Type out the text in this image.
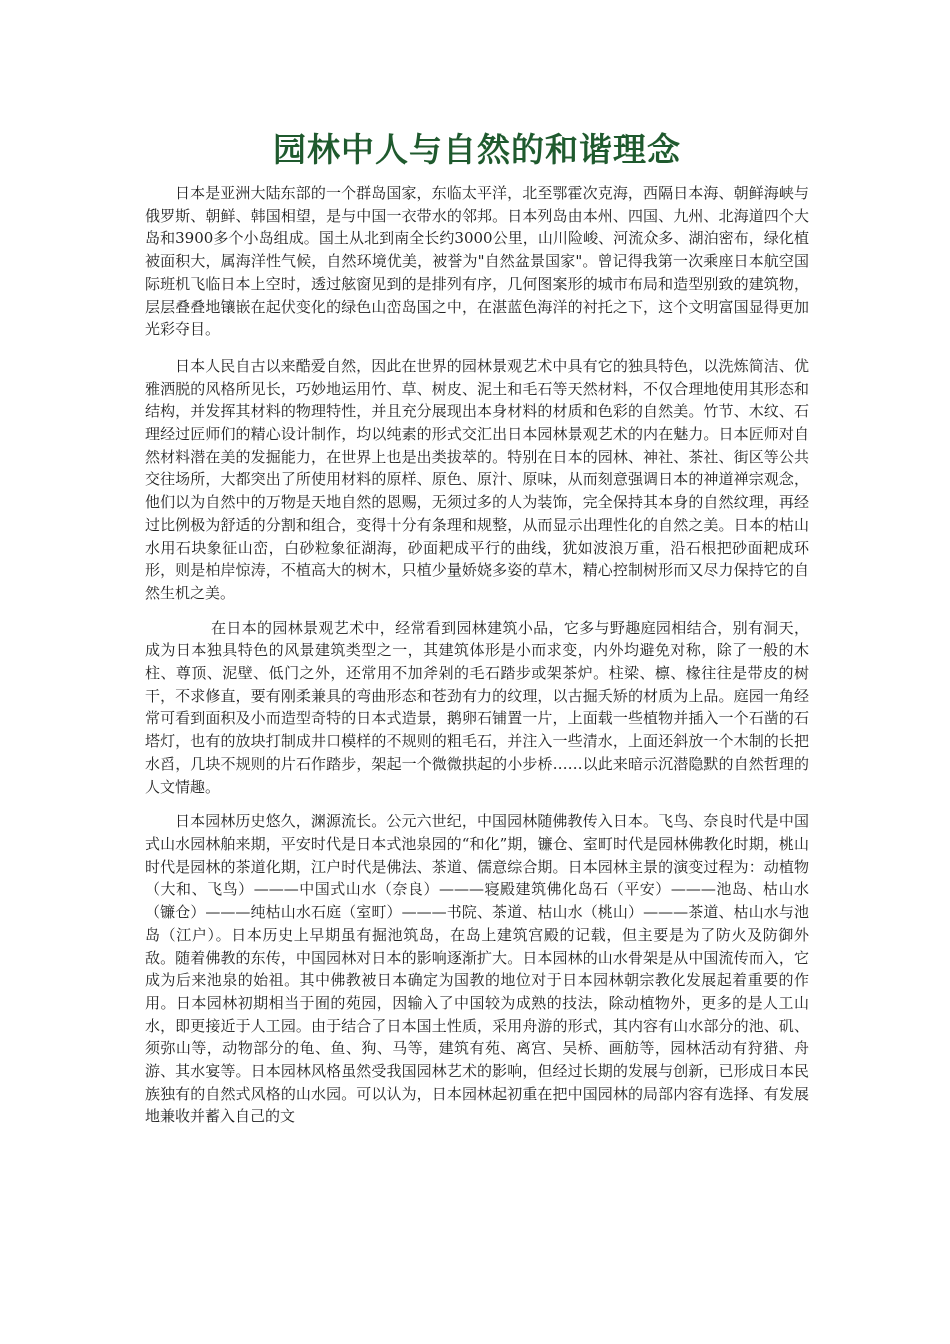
园林中人与自然的和谐理念

日本是亚洲大陆东部的一个群岛国家，东临太平洋，北至鄂霍次克海，西隔日本海、朝鲜海峡与俄罗斯、朝鲜、韩国相望，是与中国一衣带水的邻邦。日本列岛由本州、四国、九州、北海道四个大岛和3900多个小岛组成。国土从北到南全长约3000公里，山川险峻、河流众多、湖泊密布，绿化植被面积大，属海洋性气候，自然环境优美，被誉为"自然盆景国家"。曾记得我第一次乘座日本航空国际班机飞临日本上空时，透过舷窗见到的是排列有序，几何图案形的城市布局和造型别致的建筑物，层层叠叠地镶嵌在起伏变化的绿色山峦岛国之中，在湛蓝色海洋的衬托之下，这个文明富国显得更加光彩夺目。

日本人民自古以来酷爱自然，因此在世界的园林景观艺术中具有它的独具特色，以洗炼简洁、优雅洒脱的风格所见长，巧妙地运用竹、草、树皮、泥土和毛石等天然材料，不仅合理地使用其形态和结构，并发挥其材料的物理特性，并且充分展现出本身材料的材质和色彩的自然美。竹节、木纹、石理经过匠师们的精心设计制作，均以纯素的形式交汇出日本园林景观艺术的内在魅力。日本匠师对自然材料潜在美的发掘能力，在世界上也是出类拔萃的。特别在日本的园林、神社、茶社、街区等公共交往场所，大都突出了所使用材料的原样、原色、原汁、原味，从而刻意强调日本的神道禅宗观念，他们以为自然中的万物是天地自然的恩赐，无须过多的人为装饰，完全保持其本身的自然纹理，再经过比例极为舒适的分割和组合，变得十分有条理和规整，从而显示出理性化的自然之美。日本的枯山水用石块象征山峦，白砂粒象征湖海，砂面耙成平行的曲线，犹如波浪万重，沿石根把砂面耙成环形，则是柏岸惊涛，不植高大的树木，只植少量娇娆多姿的草木，精心控制树形而又尽力保持它的自然生机之美。

在日本的园林景观艺术中，经常看到园林建筑小品，它多与野趣庭园相结合，别有洞天，成为日本独具特色的风景建筑类型之一，其建筑体形是小而求变，内外均避免对称，除了一般的木柱、尊顶、泥壁、低门之外，还常用不加斧剁的毛石踏步或架茶炉。柱梁、檩、椽往往是带皮的树干，不求修直，要有刚柔兼具的弯曲形态和苍劲有力的纹理，以古掘夭矫的材质为上品。庭园一角经常可看到面积及小而造型奇特的日本式造景，鹅卵石铺置一片，上面载一些植物并插入一个石凿的石塔灯，也有的放块打制成井口模样的不规则的粗毛石，并注入一些清水，上面还斜放一个木制的长把水舀，几块不规则的片石作踏步，架起一个微微拱起的小步桥……以此来暗示沉潜隐默的自然哲理的人文情趣。

日本园林历史悠久，渊源流长。公元六世纪，中国园林随佛教传入日本。飞鸟、奈良时代是中国式山水园林舶来期，平安时代是日本式池泉园的“和化”期，镰仓、室町时代是园林佛教化时期，桃山时代是园林的茶道化期，江户时代是佛法、茶道、儒意综合期。日本园林主景的演变过程为：动植物（大和、飞鸟）———中国式山水（奈良）———寝殿建筑佛化岛石（平安）———池岛、枯山水（镰仓）———纯枯山水石庭（室町）———书院、茶道、枯山水（桃山）———茶道、枯山水与池岛（江户）。日本历史上早期虽有掘池筑岛，在岛上建筑宫殿的记载，但主要是为了防火及防御外敌。随着佛教的东传，中国园林对日本的影响逐渐扩大。日本园林的山水骨架是从中国流传而入，它成为后来池泉的始祖。其中佛教被日本确定为国教的地位对于日本园林朝宗教化发展起着重要的作用。日本园林初期相当于囿的苑园，因输入了中国较为成熟的技法，除动植物外，更多的是人工山水，即更接近于人工园。由于结合了日本国土性质，采用舟游的形式，其内容有山水部分的池、矶、须弥山等，动物部分的龟、鱼、狗、马等，建筑有苑、离宫、吴桥、画舫等，园林活动有狩猎、舟游、其水宴等。日本园林风格虽然受我国园林艺术的影响，但经过长期的发展与创新，已形成日本民族独有的自然式风格的山水园。可以认为，日本园林起初重在把中国园林的局部内容有选择、有发展地兼收并蓄入自己的文
